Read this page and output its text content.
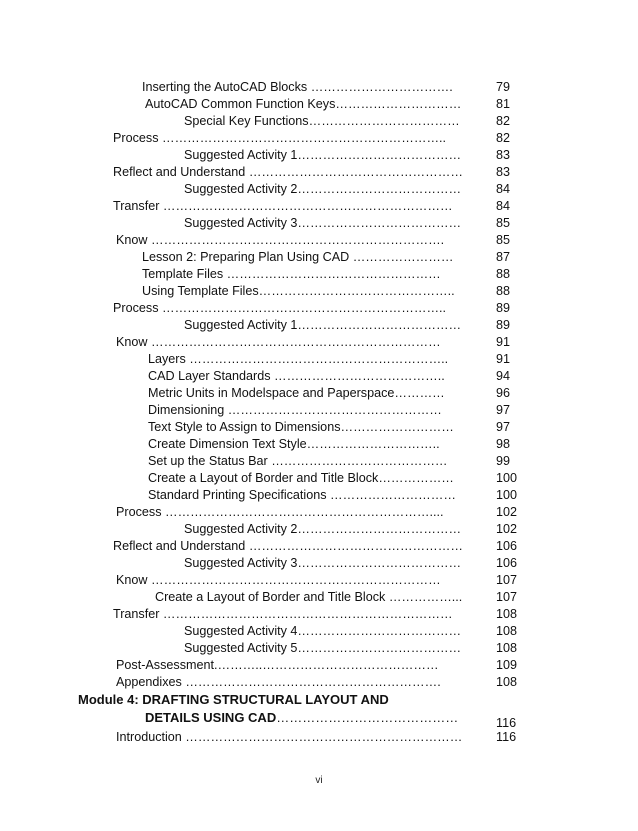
Inserting the AutoCAD Blocks …………………………….	79
AutoCAD Common Function Keys…………………………	81
Special Key Functions………………………………	82
Process …………………………………………………………..	82
Suggested Activity 1…………………………………	83
Reflect and Understand ……………………………………………	83
Suggested Activity 2…………………………………	84
Transfer ……………………………………………………………	84
Suggested Activity 3…………………………………	85
Know …………………………………………………………….	85
Lesson 2: Preparing Plan Using CAD ……………………	87
Template Files ……………………………………………	88
Using Template Files………………………………………..	88
Process …………………………………………………………..	89
Suggested Activity 1…………………………………	89
Know ……………………………………………………………	91
Layers ……………………………………………………..	91
CAD Layer Standards …………………………………..	94
Metric Units in Modelspace and Paperspace…………	96
Dimensioning ……………………………………………	97
Text Style to Assign to Dimensions………………………	97
Create Dimension Text Style…………………………..	98
Set up the Status Bar ……………………………………	99
Create a Layout of Border and Title Block………………	100
Standard Printing Specifications …………………………	100
Process ………………………………………………………....	102
Suggested Activity 2…………………………………	102
Reflect and Understand ……………………………………………	106
Suggested Activity 3…………………………………	106
Know ……………………………………………………………	107
Create a Layout of Border and Title Block ……………...	107
Transfer ……………………………………………………………	108
Suggested Activity 4…………………………………	108
Suggested Activity 5…………………………………	108
Post-Assessment.………..……………………………………	109
Appendixes …………………………………………………….	108
Module 4: DRAFTING STRUCTURAL LAYOUT AND
DETAILS USING CAD……………………………………	116
Introduction …………………………………………………………	116
vi
